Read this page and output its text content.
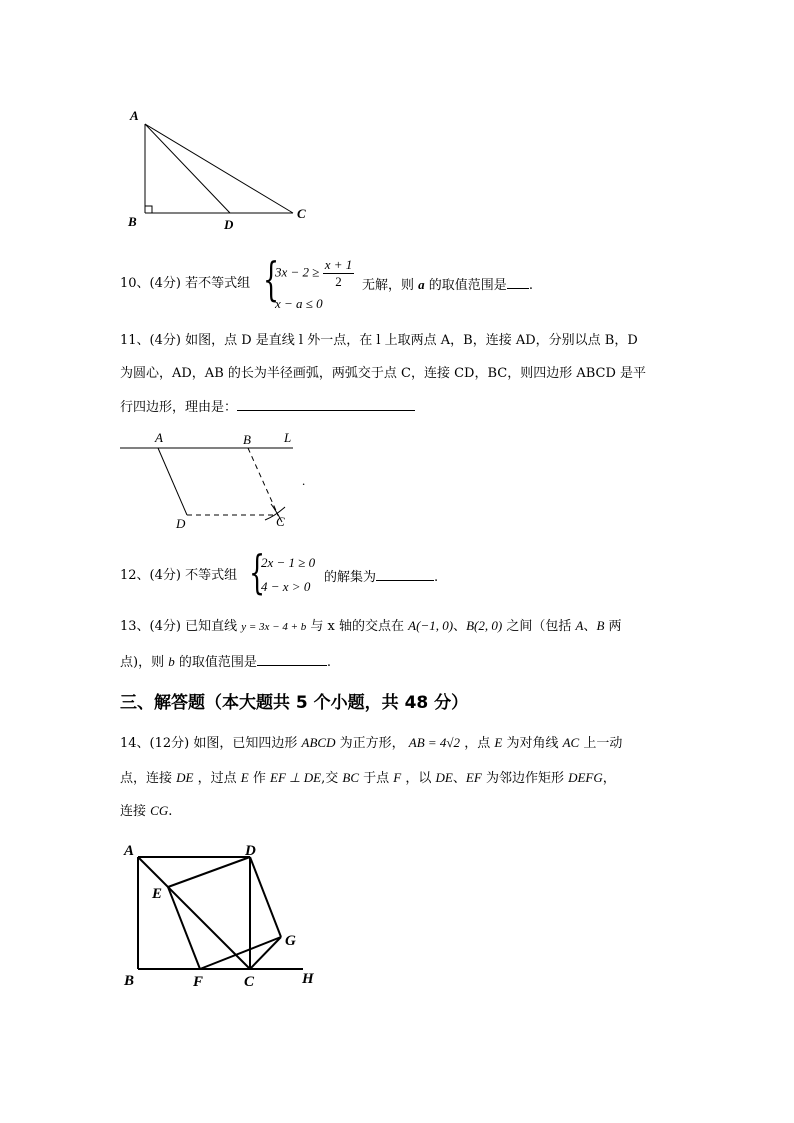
A
B	D
C
10、(4分) 若不等式组 {
$3x - 2 \ge \frac{x + 1}{2}$
x − a ≤ 0
无解，则 a 的取值范围是 .
11、(4分) 如图，点 D 是直线 l 外一点，在 l 上取两点 A，B，连接 AD，分别以点 B，D
为圆心，AD，AB 的长为半径画弧，两弧交于点 C，连接 CD，BC，则四边形 ABCD 是平
行四边形，理由是：
A	B	L
D	C
.
12、(4分) 不等式组 {
2x − 1 ≥ 0
4 − x > 0
的解集为	.
13、(4分) 已知直线 y = 3x − 4 + b 与 x 轴的交点在 A(−1, 0)、B(2, 0) 之间（包括 A、B 两
点)，则 b 的取值范围是	.
三、解答题（本大题共 5 个小题，共 48 分）
14、(12分) 如图，已知四边形 ABCD 为正方形， AB = 4√2 ，点 E 为对角线 AC 上一动
点，连接 DE ，过点 E 作 EF ⊥ DE,交 BC 于点 F ，以 DE、EF 为邻边作矩形 DEFG，
连接 CG.
A	D
E
G
B	F	C	H
